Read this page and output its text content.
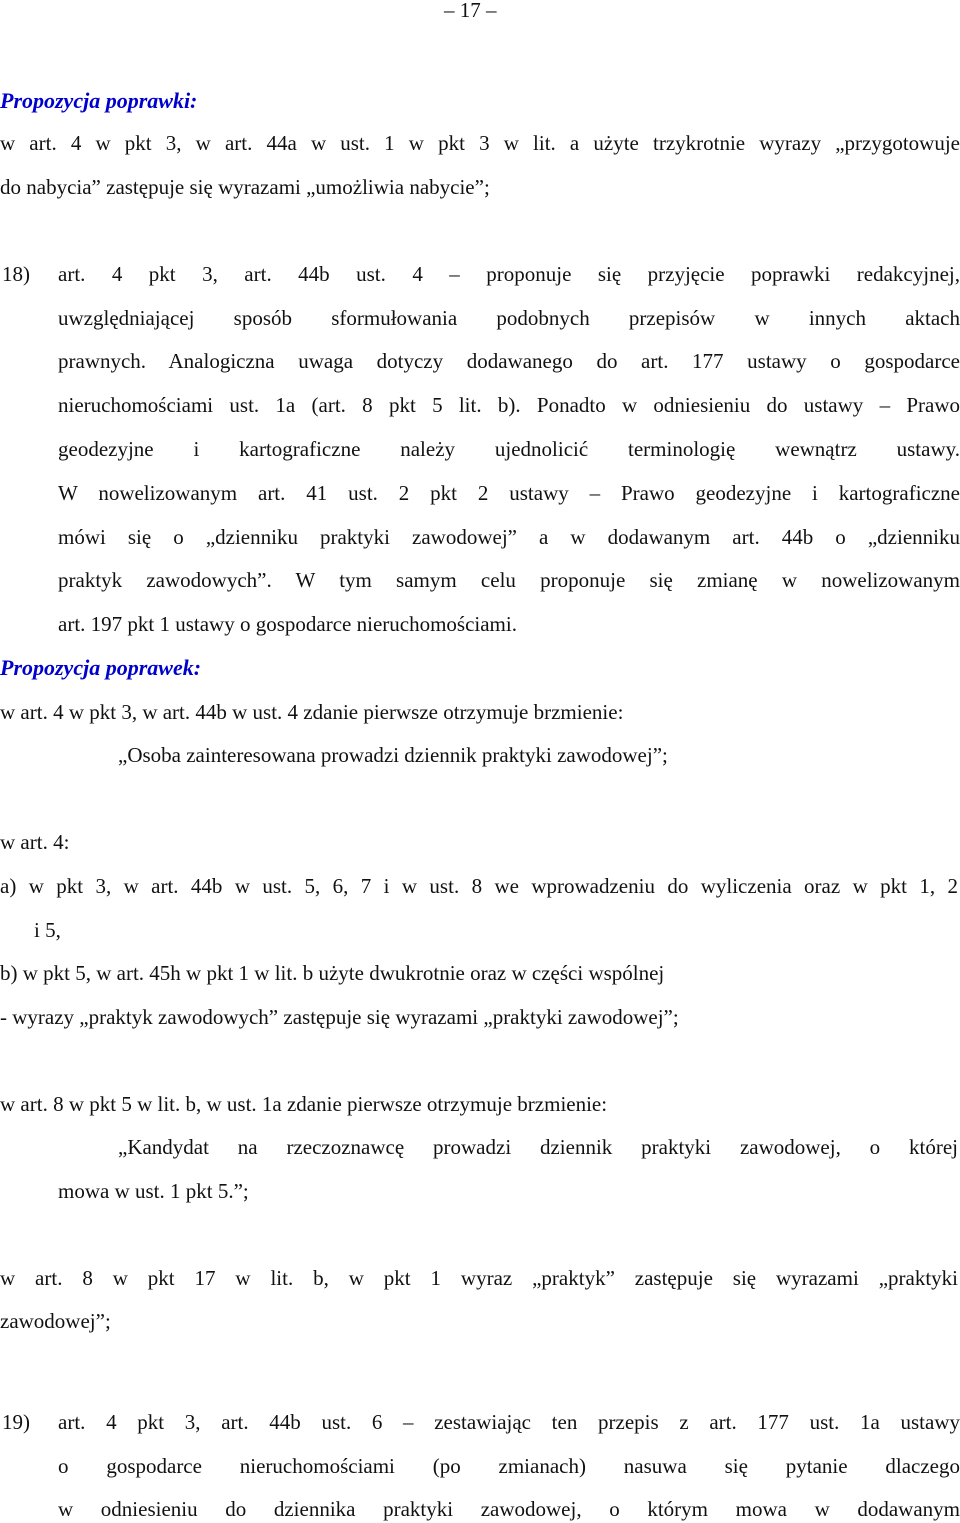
– 17 –
Propozycja poprawki:
w art. 4 w pkt 3, w art. 44a w ust. 1 w pkt 3 w lit. a użyte trzykrotnie wyrazy „przygotowuje
do nabycia” zastępuje się wyrazami „umożliwia nabycie”;
18) art. 4 pkt 3, art. 44b ust. 4 – proponuje się przyjęcie poprawki redakcyjnej,
uwzględniającej sposób sformułowania podobnych przepisów w innych aktach
prawnych. Analogiczna uwaga dotyczy dodawanego do art. 177 ustawy o gospodarce
nieruchomościami ust. 1a (art. 8 pkt 5 lit. b). Ponadto w odniesieniu do ustawy – Prawo
geodezyjne i kartograficzne należy ujednolicić terminologię wewnątrz ustawy.
W nowelizowanym art. 41 ust. 2 pkt 2 ustawy – Prawo geodezyjne i kartograficzne
mówi się o „dzienniku praktyki zawodowej” a w dodawanym art. 44b o „dzienniku
praktyk zawodowych”. W tym samym celu proponuje się zmianę w nowelizowanym
art. 197 pkt 1 ustawy o gospodarce nieruchomościami.
Propozycja poprawek:
w art. 4 w pkt 3, w art. 44b w ust. 4 zdanie pierwsze otrzymuje brzmienie:
„Osoba zainteresowana prowadzi dziennik praktyki zawodowej”;
w art. 4:
a) w pkt 3, w art. 44b w ust. 5, 6, 7 i w ust. 8 we wprowadzeniu do wyliczenia oraz w pkt 1, 2
i 5,
b) w pkt 5, w art. 45h w pkt 1 w lit. b użyte dwukrotnie oraz w części wspólnej
- wyrazy „praktyk zawodowych” zastępuje się wyrazami „praktyki zawodowej”;
w art. 8 w pkt 5 w lit. b, w ust. 1a zdanie pierwsze otrzymuje brzmienie:
„Kandydat na rzeczoznawcę prowadzi dziennik praktyki zawodowej, o której
mowa w ust. 1 pkt 5.”;
w art. 8 w pkt 17 w lit. b, w pkt 1 wyraz „praktyk” zastępuje się wyrazami „praktyki
zawodowej”;
19) art. 4 pkt 3, art. 44b ust. 6 – zestawiając ten przepis z art. 177 ust. 1a ustawy
o gospodarce nieruchomościami (po zmianach) nasuwa się pytanie dlaczego
w odniesieniu do dziennika praktyki zawodowej, o którym mowa w dodawanym
